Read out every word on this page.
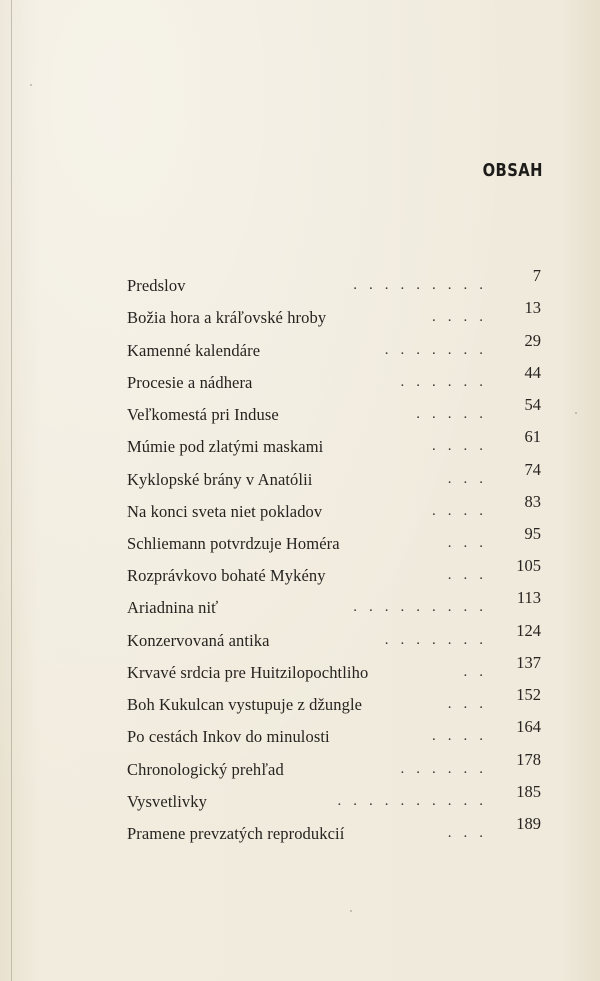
OBSAH
Predslov	......... 7
Božia hora a kráľovské hroby	.... 13
Kamenné kalendáre	....... 29
Procesie a nádhera	...... 44
Veľkomestá pri Induse	..... 54
Múmie pod zlatými maskami	.... 61
Kyklopské brány v Anatólii	... 74
Na konci sveta niet pokladov	.... 83
Schliemann potvrdzuje Homéra	... 95
Rozprávkovo bohaté Mykény	... 105
Ariadnina niť	......... 113
Konzervovaná antika	....... 124
Krvavé srdcia pre Huitzilopochtliho	.. 137
Boh Kukulcan vystupuje z džungle	... 152
Po cestách Inkov do minulosti	.... 164
Chronologický prehľad	...... 178
Vysvetlivky	.......... 185
Pramene prevzatých reprodukcií	... 189
